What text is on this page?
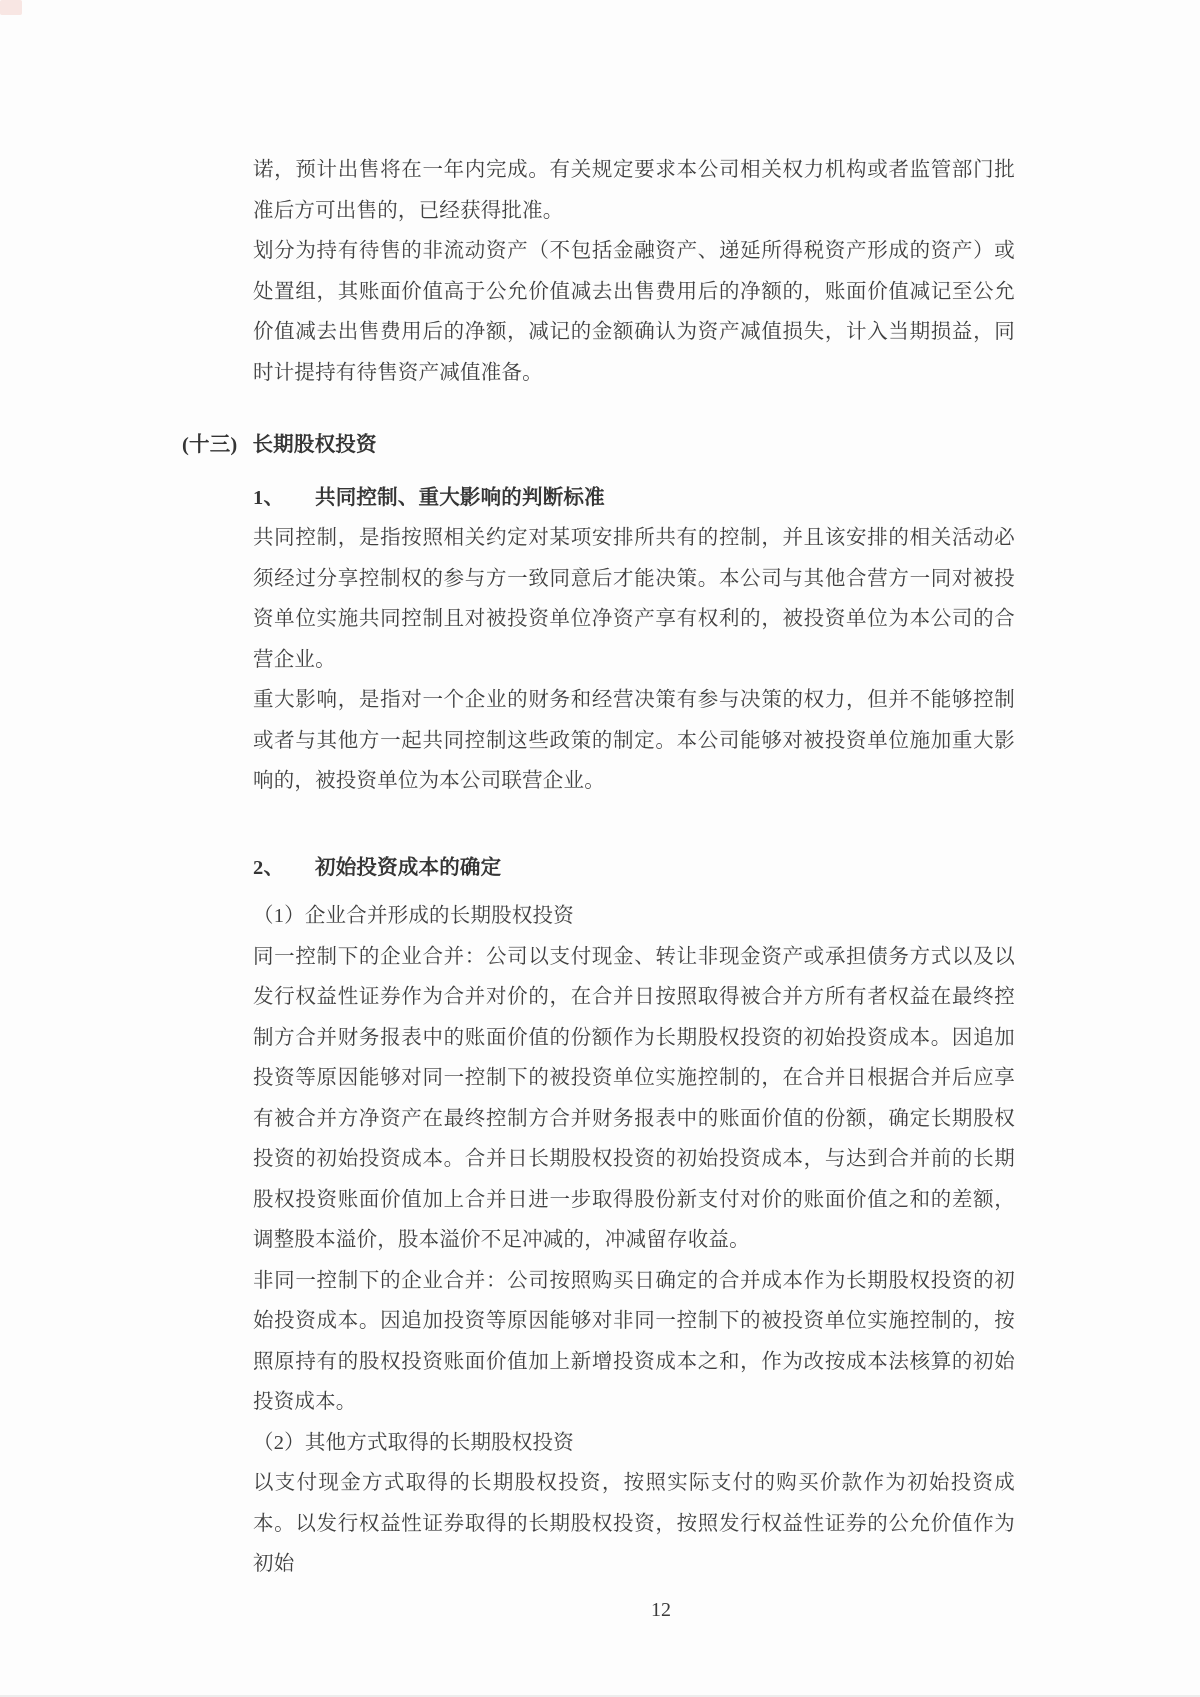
诺，预计出售将在一年内完成。有关规定要求本公司相关权力机构或者监管部门批准后方可出售的，已经获得批准。

划分为持有待售的非流动资产（不包括金融资产、递延所得税资产形成的资产）或处置组，其账面价值高于公允价值减去出售费用后的净额的，账面价值减记至公允价值减去出售费用后的净额，减记的金额确认为资产减值损失，计入当期损益，同时计提持有待售资产减值准备。

(十三) 长期股权投资
1、 共同控制、重大影响的判断标准

共同控制，是指按照相关约定对某项安排所共有的控制，并且该安排的相关活动必须经过分享控制权的参与方一致同意后才能决策。本公司与其他合营方一同对被投资单位实施共同控制且对被投资单位净资产享有权利的，被投资单位为本公司的合营企业。

重大影响，是指对一个企业的财务和经营决策有参与决策的权力，但并不能够控制或者与其他方一起共同控制这些政策的制定。本公司能够对被投资单位施加重大影响的，被投资单位为本公司联营企业。

2、 初始投资成本的确定
（1）企业合并形成的长期股权投资

同一控制下的企业合并：公司以支付现金、转让非现金资产或承担债务方式以及以发行权益性证券作为合并对价的，在合并日按照取得被合并方所有者权益在最终控制方合并财务报表中的账面价值的份额作为长期股权投资的初始投资成本。因追加投资等原因能够对同一控制下的被投资单位实施控制的，在合并日根据合并后应享有被合并方净资产在最终控制方合并财务报表中的账面价值的份额，确定长期股权投资的初始投资成本。合并日长期股权投资的初始投资成本，与达到合并前的长期股权投资账面价值加上合并日进一步取得股份新支付对价的账面价值之和的差额，调整股本溢价，股本溢价不足冲减的，冲减留存收益。

非同一控制下的企业合并：公司按照购买日确定的合并成本作为长期股权投资的初始投资成本。因追加投资等原因能够对非同一控制下的被投资单位实施控制的，按照原持有的股权投资账面价值加上新增投资成本之和，作为改按成本法核算的初始投资成本。

（2）其他方式取得的长期股权投资

以支付现金方式取得的长期股权投资，按照实际支付的购买价款作为初始投资成本。以发行权益性证券取得的长期股权投资，按照发行权益性证券的公允价值作为初始

12
